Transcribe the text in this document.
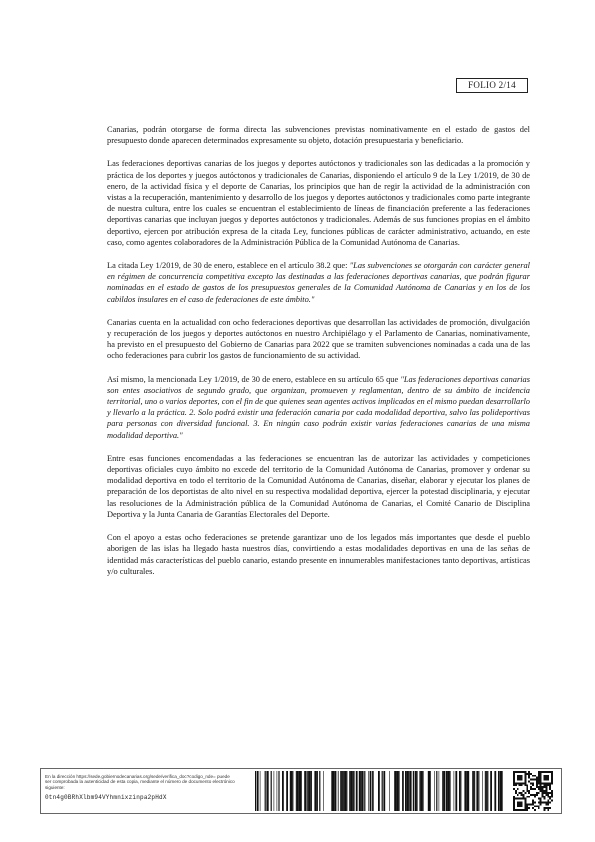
FOLIO 2/14

Canarias, podrán otorgarse de forma directa las subvenciones previstas nominativamente en el estado de gastos del presupuesto donde aparecen determinados expresamente su objeto, dotación presupuestaria y beneficiario.

Las federaciones deportivas canarias de los juegos y deportes autóctonos y tradicionales son las dedicadas a la promoción y práctica de los deportes y juegos autóctonos y tradicionales de Canarias, disponiendo el artículo 9 de la Ley 1/2019, de 30 de enero, de la actividad física y el deporte de Canarias, los principios que han de regir la actividad de la administración con vistas a la recuperación, mantenimiento y desarrollo de los juegos y deportes autóctonos y tradicionales como parte integrante de nuestra cultura, entre los cuales se encuentran el establecimiento de líneas de financiación preferente a las federaciones deportivas canarias que incluyan juegos y deportes autóctonos y tradicionales. Además de sus funciones propias en el ámbito deportivo, ejercen por atribución expresa de la citada Ley, funciones públicas de carácter administrativo, actuando, en este caso, como agentes colaboradores de la Administración Pública de la Comunidad Autónoma de Canarias.

La citada Ley 1/2019, de 30 de enero, establece en el artículo 38.2 que: "Las subvenciones se otorgarán con carácter general en régimen de concurrencia competitiva excepto las destinadas a las federaciones deportivas canarias, que podrán figurar nominadas en el estado de gastos de los presupuestos generales de la Comunidad Autónoma de Canarias y en los de los cabildos insulares en el caso de federaciones de este ámbito."

Canarias cuenta en la actualidad con ocho federaciones deportivas que desarrollan las actividades de promoción, divulgación y recuperación de los juegos y deportes autóctonos en nuestro Archipiélago y el Parlamento de Canarias, nominativamente, ha previsto en el presupuesto del Gobierno de Canarias para 2022 que se tramiten subvenciones nominadas a cada una de las ocho federaciones para cubrir los gastos de funcionamiento de su actividad.

Así mismo, la mencionada Ley 1/2019, de 30 de enero, establece en su artículo 65 que "Las federaciones deportivas canarias son entes asociativos de segundo grado, que organizan, promueven y reglamentan, dentro de su ámbito de incidencia territorial, uno o varios deportes, con el fin de que quienes sean agentes activos implicados en el mismo puedan desarrollarlo y llevarlo a la práctica. 2. Solo podrá existir una federación canaria por cada modalidad deportiva, salvo las polideportivas para personas con diversidad funcional. 3. En ningún caso podrán existir varias federaciones canarias de una misma modalidad deportiva."

Entre esas funciones encomendadas a las federaciones se encuentran las de autorizar las actividades y competiciones deportivas oficiales cuyo ámbito no excede del territorio de la Comunidad Autónoma de Canarias, promover y ordenar su modalidad deportiva en todo el territorio de la Comunidad Autónoma de Canarias, diseñar, elaborar y ejecutar los planes de preparación de los deportistas de alto nivel en su respectiva modalidad deportiva, ejercer la potestad disciplinaria, y ejecutar las resoluciones de la Administración pública de la Comunidad Autónoma de Canarias, el Comité Canario de Disciplina Deportiva y la Junta Canaria de Garantías Electorales del Deporte.

Con el apoyo a estas ocho federaciones se pretende garantizar uno de los legados más importantes que desde el pueblo aborigen de las islas ha llegado hasta nuestros días, convirtiendo a estas modalidades deportivas en una de las señas de identidad más características del pueblo canario, estando presente en innumerables manifestaciones tanto deportivas, artísticas y/o culturales.

En la dirección https://sede.gobiernodecanarias.org/sede/verifica_doc?codigo_nde= puede ser comprobada la autenticidad de esta copia, mediante el número de documento electrónico siguiente:
0tn4g0BRhXlbm94VYhmnixzinpa2pHdX
